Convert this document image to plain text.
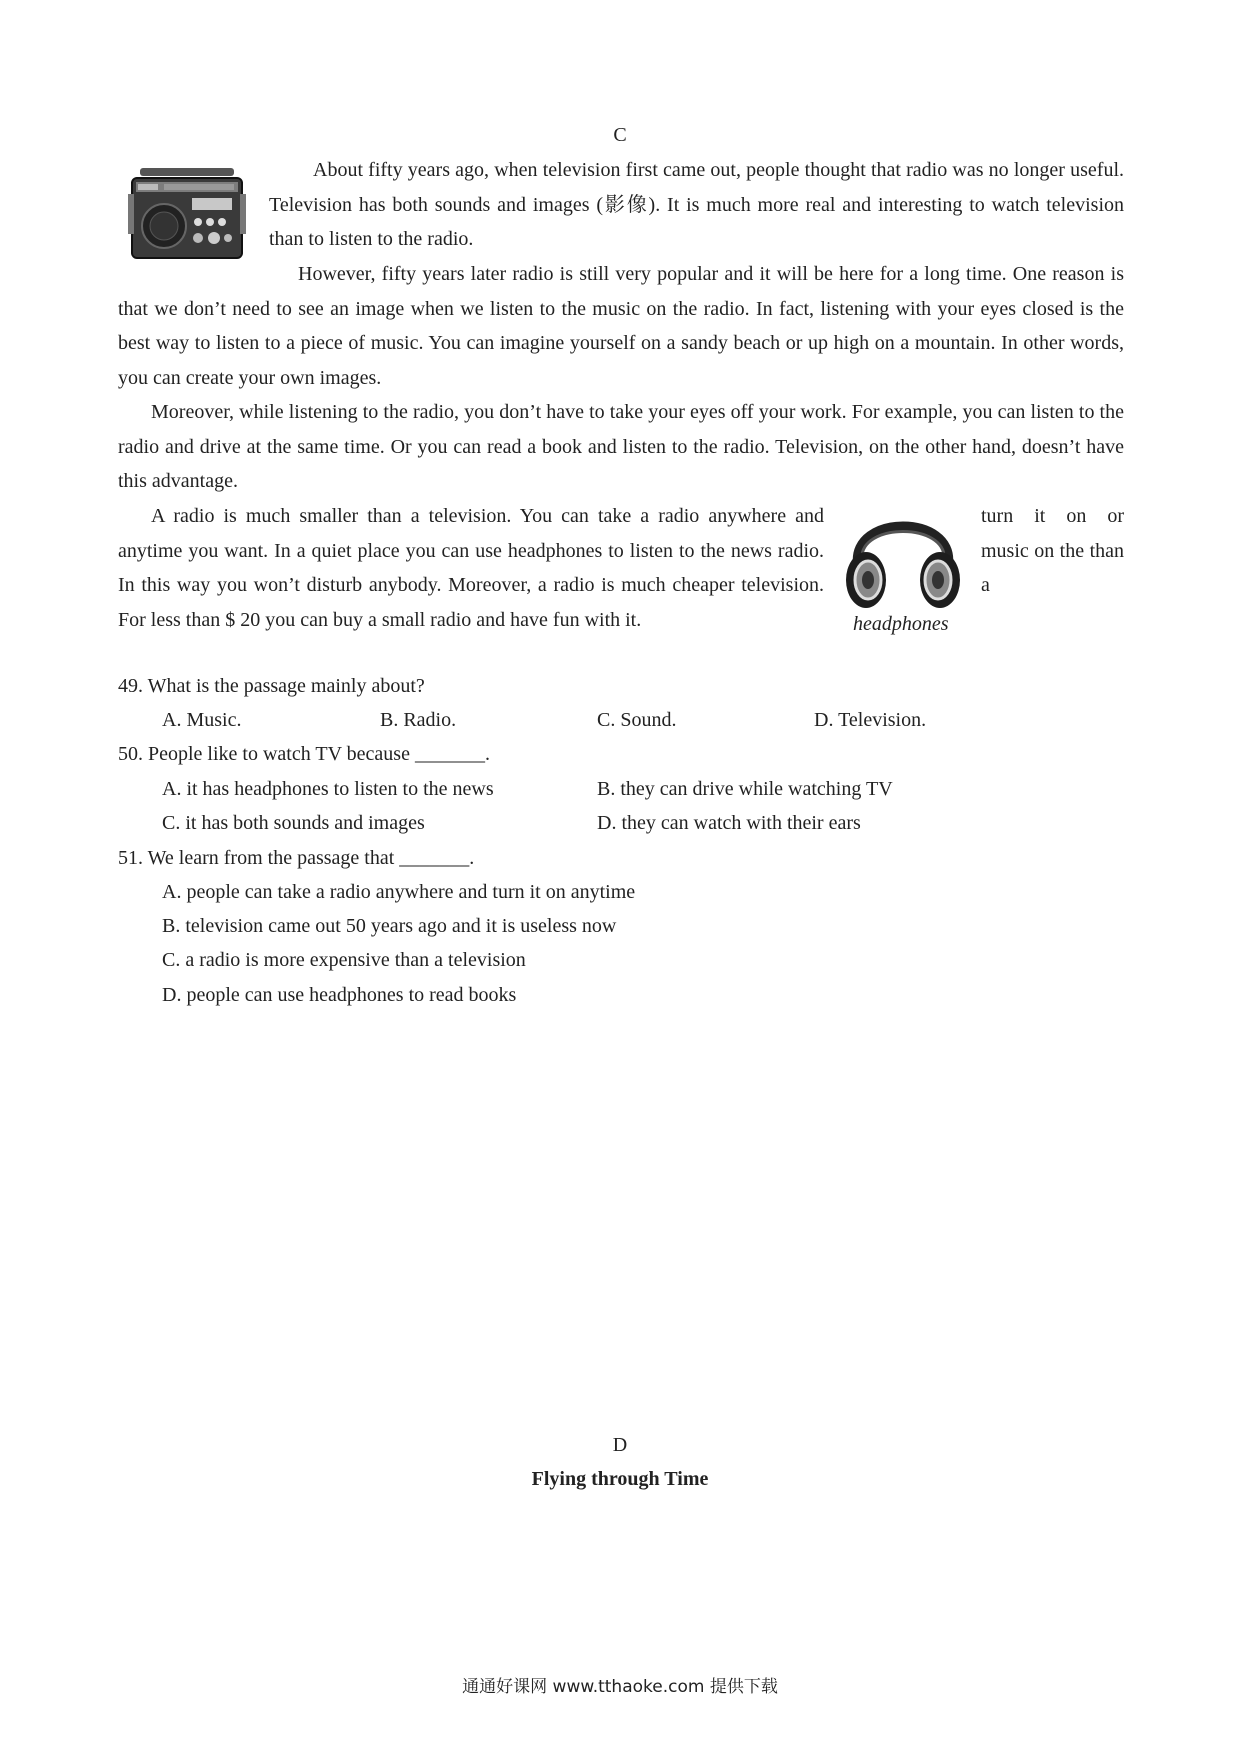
C
About fifty years ago, when television first came out, people thought that radio was no longer useful. Television has both sounds and images (影像). It is much more real and interesting to watch television than to listen to the radio.
However, fifty years later radio is still very popular and it will be here for a long time. One reason is that we don’t need to see an image when we listen to the music on the radio. In fact, listening with your eyes closed is the best way to listen to a piece of music. You can imagine yourself on a sandy beach or up high on a mountain. In other words, you can create your own images.
Moreover, while listening to the radio, you don’t have to take your eyes off your work. For example, you can listen to the radio and drive at the same time. Or you can read a book and listen to the radio. Television, on the other hand, doesn’t have this advantage.
A radio is much smaller than a television. You can take a radio anywhere and anytime you want. In a quiet place you can use headphones to listen to the news radio. In this way you won’t disturb anybody. Moreover, a radio is much cheaper television. For less than $ 20 you can buy a small radio and have fun with it.	headphones
turn it on or music on the than a
49. What is the passage mainly about?
A. Music.	B. Radio.	C. Sound.	D. Television.
50. People like to watch TV because _______.
A. it has headphones to listen to the news	B. they can drive while watching TV
C. it has both sounds and images	D. they can watch with their ears
51. We learn from the passage that _______.
A. people can take a radio anywhere and turn it on anytime
B. television came out 50 years ago and it is useless now
C. a radio is more expensive than a television
D. people can use headphones to read books
D
Flying through Time
通通好课网 www.tthaoke.com 提供下载
